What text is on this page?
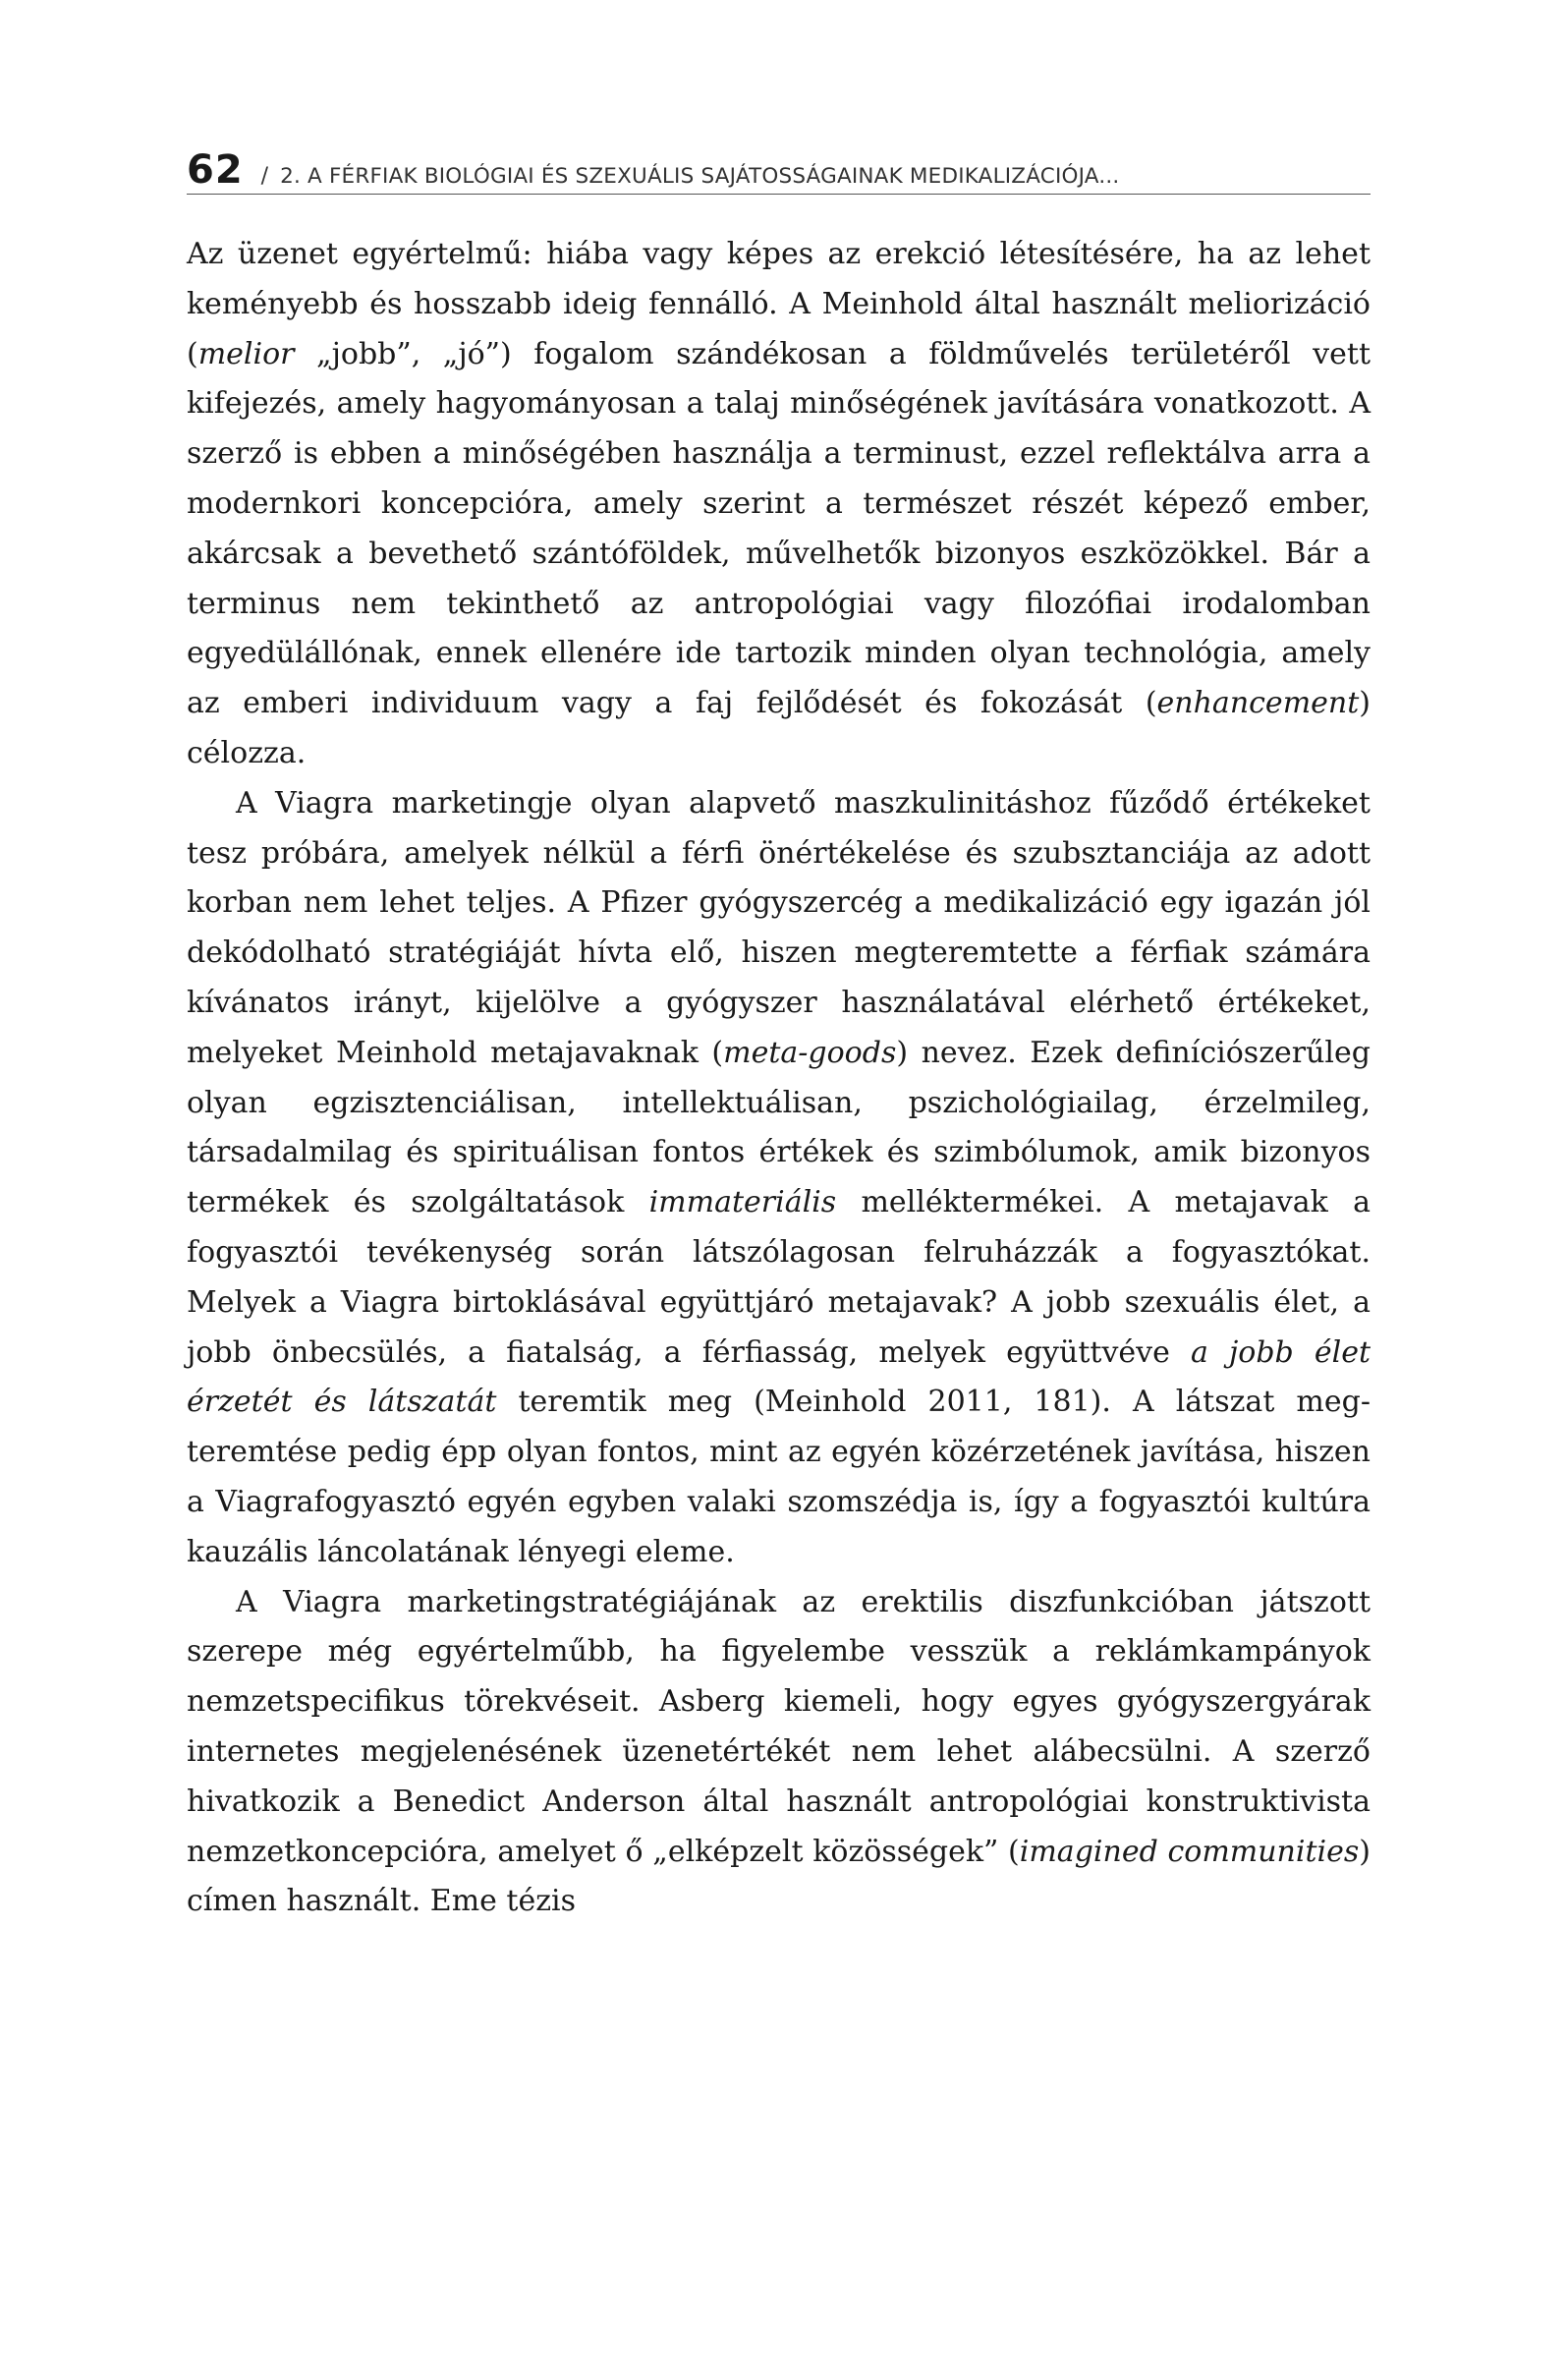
62 / 2. A FÉRFIAK BIOLÓGIAI ÉS SZEXUÁLIS SAJÁTOSSÁGAINAK MEDIKALIZÁCIÓJA...

Az üzenet egyértelmű: hiába vagy képes az erekció létesítésére, ha az lehet keményebb és hosszabb ideig fennálló. A Meinhold által használt meliorizáció (melior „jobb”, „jó”) fogalom szándékosan a földművelés területéről vett kifejezés, amely hagyományosan a talaj minőségének javítására vonatkozott. A szerző is ebben a minőségében használja a terminust, ezzel reflektálva arra a modernkori koncepcióra, amely szerint a természet részét képező ember, akárcsak a bevethető szántóföldek, művelhetők bizonyos eszközökkel. Bár a terminus nem tekinthető az antropológiai vagy filozófiai irodalomban egyedülállónak, ennek ellenére ide tartozik minden olyan technológia, amely az emberi individuum vagy a faj fejlődését és fokozását (enhancement) célozza.

A Viagra marketingje olyan alapvető maszkulinitáshoz fűződő értékeket tesz próbára, amelyek nélkül a férfi önértékelése és szubsztanciája az adott korban nem lehet teljes. A Pfizer gyógyszercég a medikalizáció egy igazán jól dekódolható stratégiáját hívta elő, hiszen megteremtette a férfiak számára kívánatos irányt, kijelölve a gyógyszer használatával elérhető értékeket, melyeket Meinhold metajavaknak (meta-goods) nevez. Ezek definíciószerűleg olyan egzisztenciálisan, intellektuálisan, pszichológiailag, érzelmileg, társadalmilag és spirituálisan fontos értékek és szimbólumok, amik bizonyos termékek és szolgáltatások immateriális melléktermékei. A metajavak a fogyasztói tevékenység során látszólagosan felruházzák a fogyasztókat. Melyek a Viagra birtoklásával együttjáró metajavak? A jobb szexuális élet, a jobb önbecsülés, a fiatalság, a férfiasság, melyek együttvéve a jobb élet érzetét és látszatát teremtik meg (Meinhold 2011, 181). A látszat megteremtése pedig épp olyan fontos, mint az egyén közérzetének javítása, hiszen a Viagrafogyasztó egyén egyben valaki szomszédja is, így a fogyasztói kultúra kauzális láncolatának lényegi eleme.

A Viagra marketingstratégiájának az erektilis diszfunkcióban játszott szerepe még egyértelműbb, ha figyelembe vesszük a reklámkampányok nemzetspecifikus törekvéseit. Asberg kiemeli, hogy egyes gyógyszergyárak internetes megjelenésének üzenetértékét nem lehet alábecsülni. A szerző hivatkozik a Benedict Anderson által használt antropológiai konstruktivista nemzetkoncepcióra, amelyet ő „elképzelt közösségek” (imagined communities) címen használt. Eme tézis
